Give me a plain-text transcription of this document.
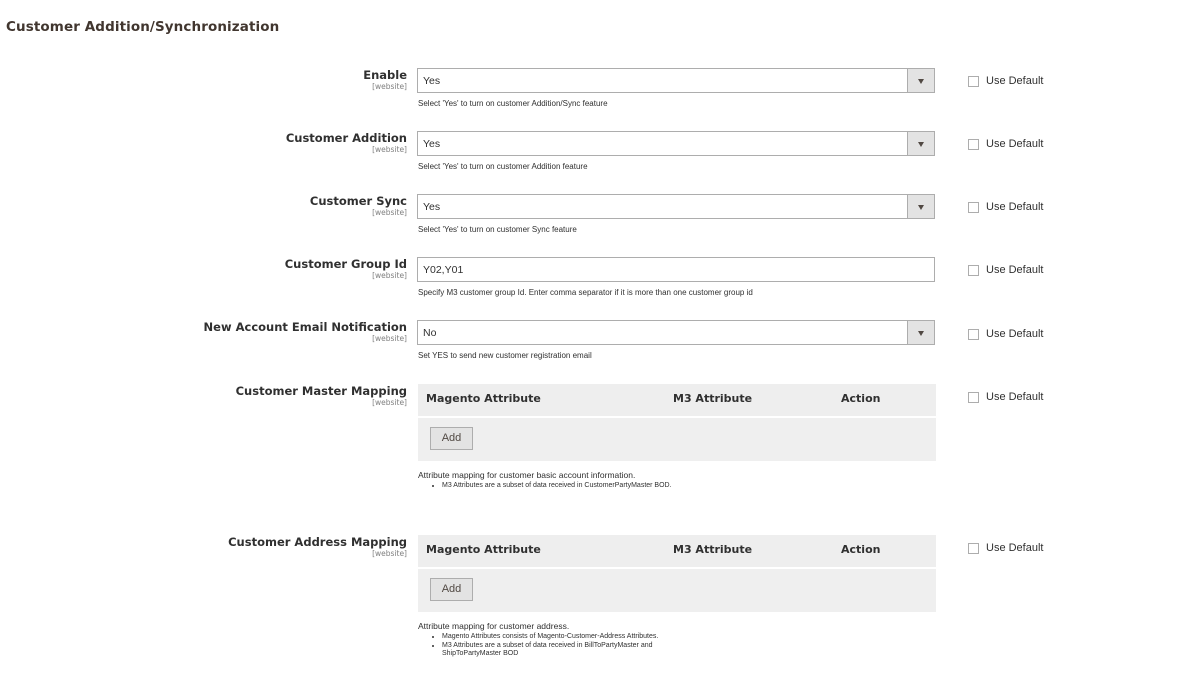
Customer Addition/Synchronization
Enable
[website] Yes
Select 'Yes' to turn on customer Addition/Sync feature
Use Default
Customer Addition
[website] Yes
Select 'Yes' to turn on customer Addition feature
Use Default
Customer Sync
[website] Yes
Select 'Yes' to turn on customer Sync feature
Use Default
Customer Group Id
[website] Y02,Y01
Specify M3 customer group Id. Enter comma separator if it is more than one customer group id
Use Default
New Account Email Notification
[website] No
Set YES to send new customer registration email
Use Default
Customer Master Mapping
[website] Magento Attribute	M3 Attribute	Action
Add
Use Default
Attribute mapping for customer basic account information.
• M3 Attributes are a subset of data received in CustomerPartyMaster BOD.
Customer Address Mapping
[website] Magento Attribute	M3 Attribute	Action
Add
Use Default
Attribute mapping for customer address.
• Magento Attributes consists of Magento-Customer-Address Attributes.
• M3 Attributes are a subset of data received in BillToPartyMaster and ShipToPartyMaster BOD
